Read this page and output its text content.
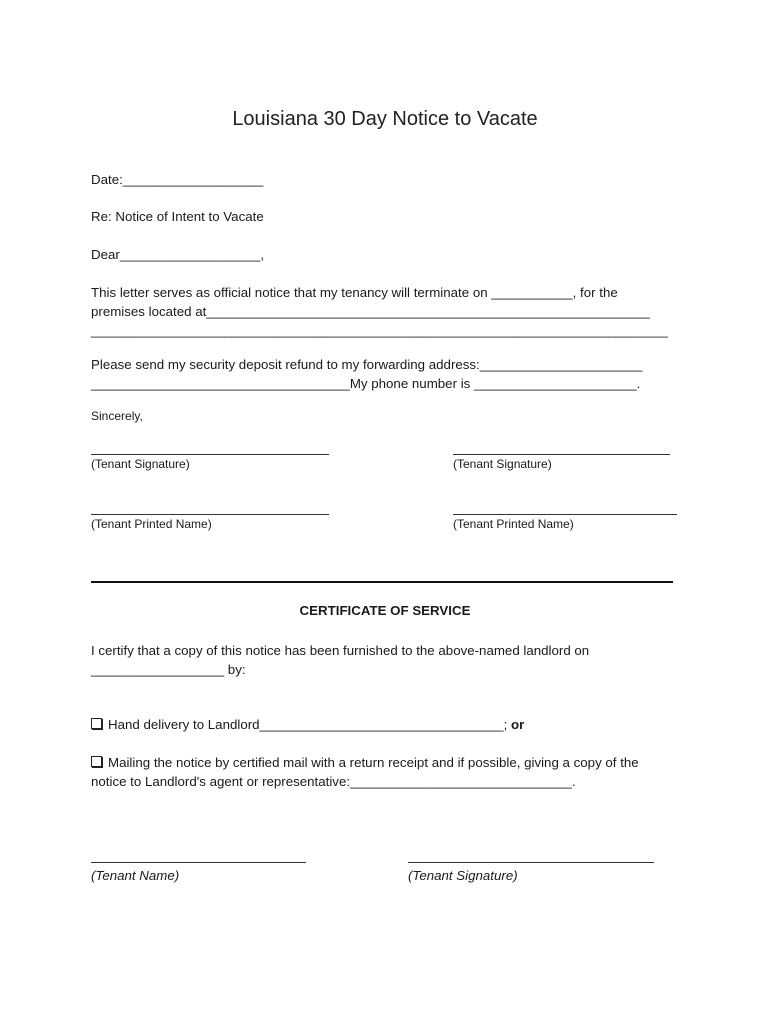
Louisiana 30 Day Notice to Vacate
Date:___________________
Re: Notice of Intent to Vacate
Dear___________________,
This letter serves as official notice that my tenancy will terminate on ___________, for the
premises located at____________________________________________________________
______________________________________________________________________________
Please send my security deposit refund to my forwarding address:______________________
___________________________________My phone number is ______________________.
Sincerely,
(Tenant Signature)	(Tenant Signature)
(Tenant Printed Name)	(Tenant Printed Name)
CERTIFICATE OF SERVICE
I certify that a copy of this notice has been furnished to the above-named landlord on
__________________ by:
Hand delivery to Landlord_________________________________; or
Mailing the notice by certified mail with a return receipt and if possible, giving a copy of the
notice to Landlord's agent or representative:______________________________.
(Tenant Name)	(Tenant Signature)
